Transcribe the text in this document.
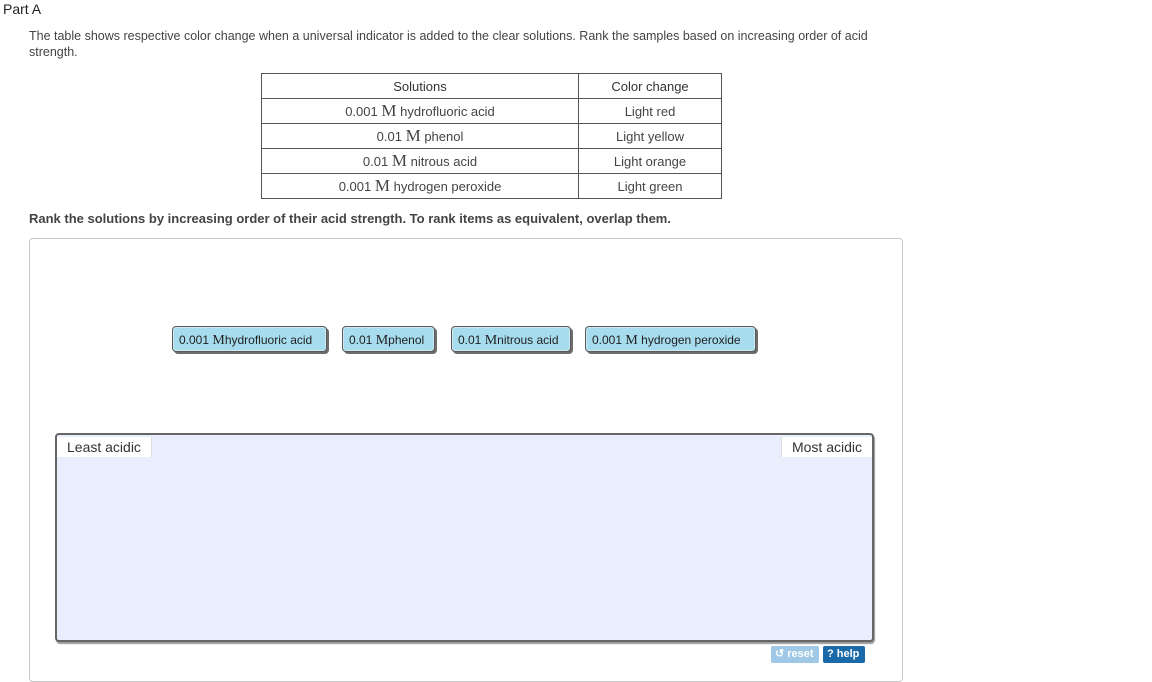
Part A
The table shows respective color change when a universal indicator is added to the clear solutions. Rank the samples based on increasing order of acid strength.
Solutions	Color change
0.001 M hydrofluoric acid	Light red
0.01 M phenol	Light yellow
0.01 M nitrous acid	Light orange
0.001 M hydrogen peroxide	Light green
Rank the solutions by increasing order of their acid strength. To rank items as equivalent, overlap them.
0.001 Mhydrofluoric acid	0.01 Mphenol	0.01 Mnitrous acid	0.001 M hydrogen peroxide
Least acidic	Most acidic
↺ reset	? help
